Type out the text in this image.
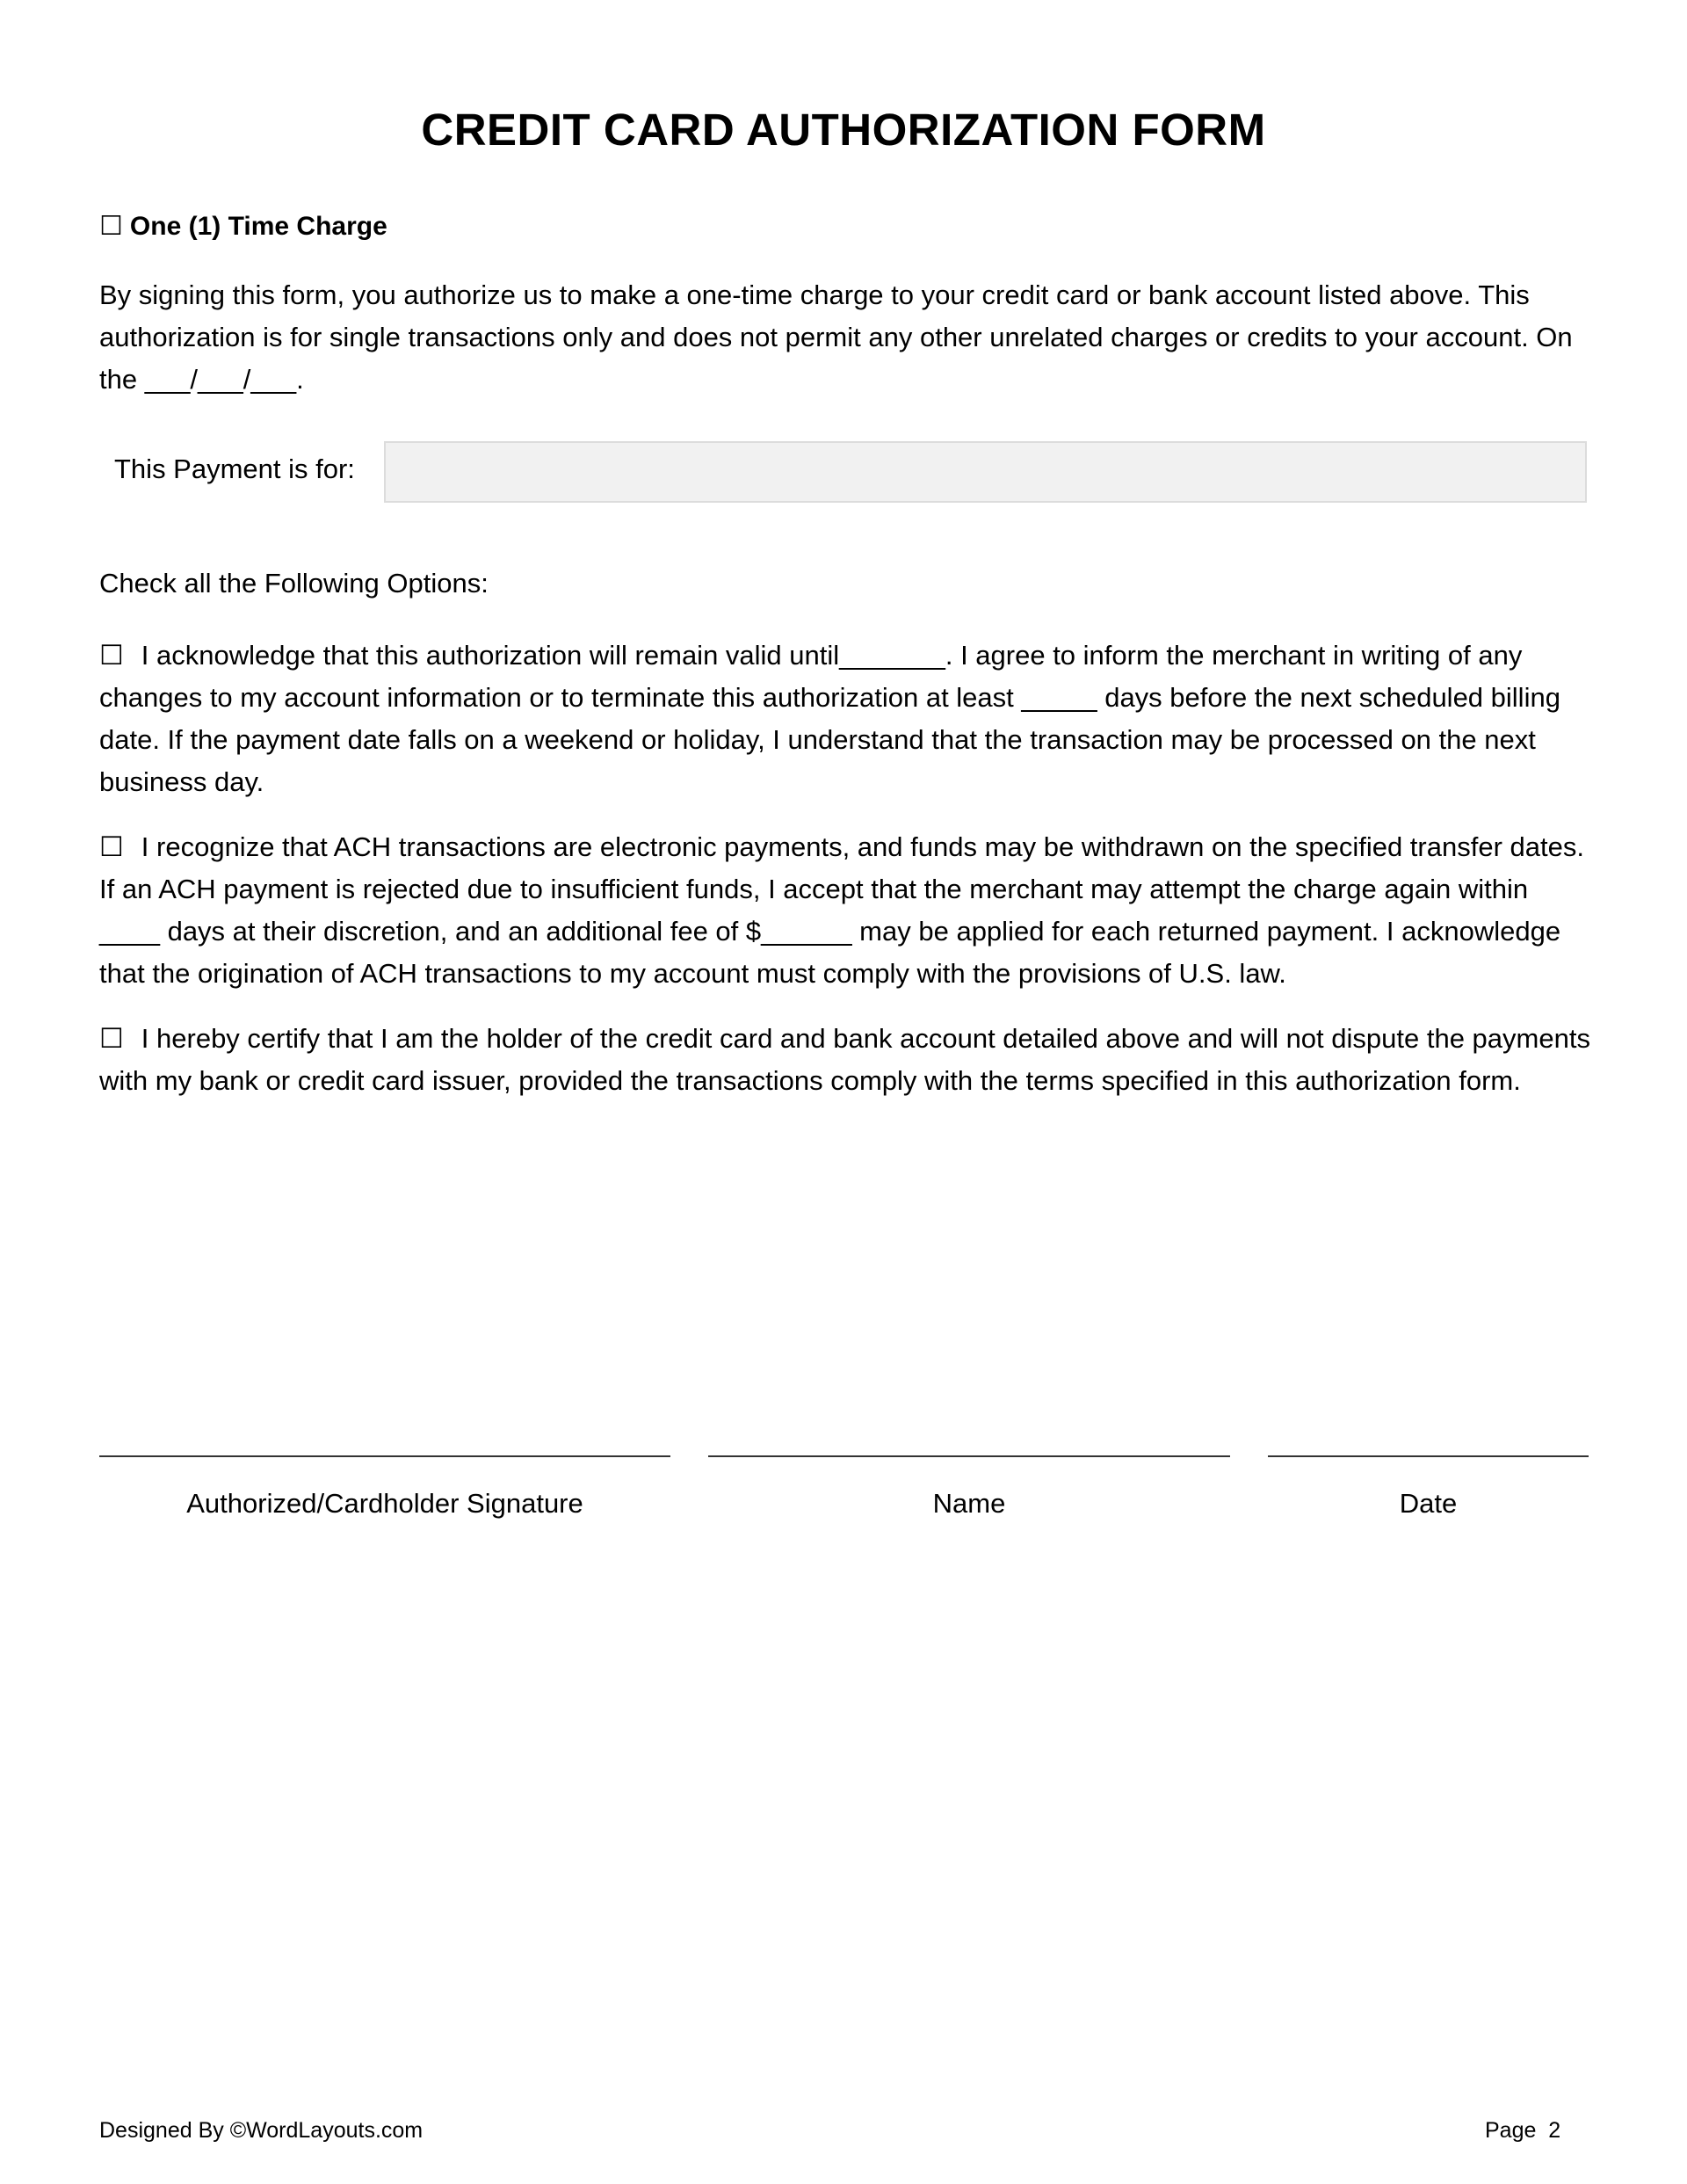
CREDIT CARD AUTHORIZATION FORM
☐ One (1) Time Charge
By signing this form, you authorize us to make a one-time charge to your credit card or bank account listed above. This authorization is for single transactions only and does not permit any other unrelated charges or credits to your account. On the ___/___/___.
This Payment is for:
Check all the Following Options:
☐ I acknowledge that this authorization will remain valid until_______. I agree to inform the merchant in writing of any changes to my account information or to terminate this authorization at least _____ days before the next scheduled billing date. If the payment date falls on a weekend or holiday, I understand that the transaction may be processed on the next business day.
☐ I recognize that ACH transactions are electronic payments, and funds may be withdrawn on the specified transfer dates. If an ACH payment is rejected due to insufficient funds, I accept that the merchant may attempt the charge again within ____ days at their discretion, and an additional fee of $______ may be applied for each returned payment. I acknowledge that the origination of ACH transactions to my account must comply with the provisions of U.S. law.
☐ I hereby certify that I am the holder of the credit card and bank account detailed above and will not dispute the payments with my bank or credit card issuer, provided the transactions comply with the terms specified in this authorization form.
Authorized/Cardholder Signature	Name	Date
Designed By ©WordLayouts.com	Page  2
